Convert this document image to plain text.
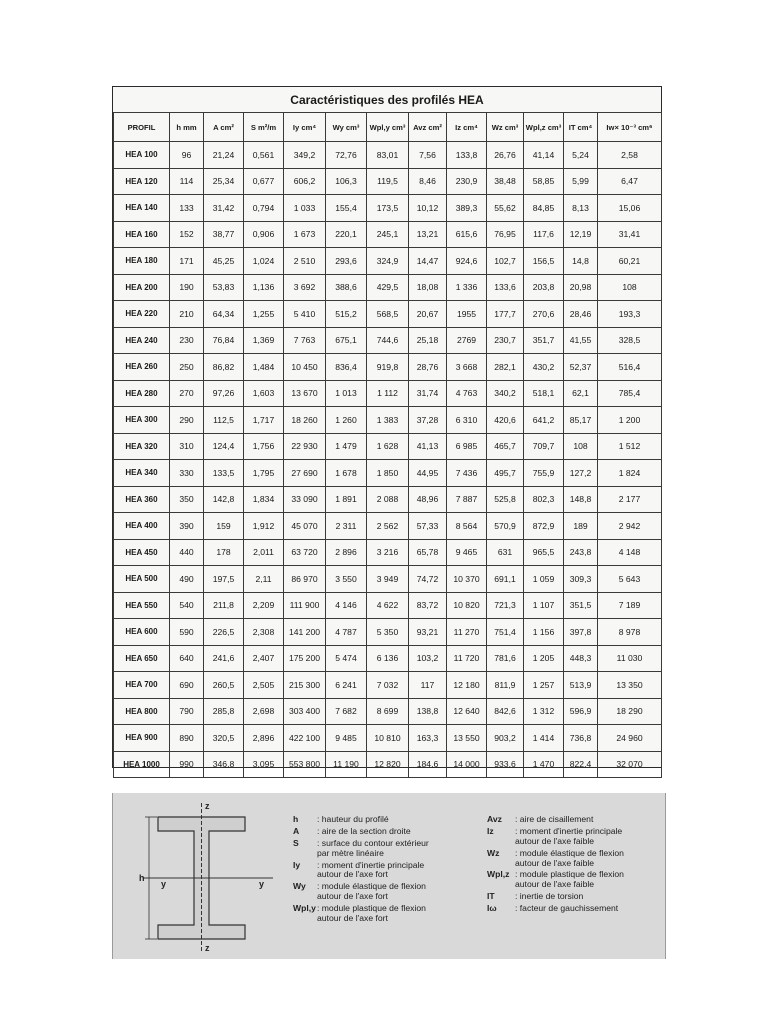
Caractéristiques des profilés HEA
PROFIL	h mm	A cm²	S m²/m	Iy cm⁴	Wy cm³	Wpl,y cm³	Avz cm²	Iz cm⁴	Wz cm³	Wpl,z cm³	IT cm⁴	Iw× 10⁻³ cm⁶
HEA 100	96	21,24	0,561	349,2	72,76	83,01	7,56	133,8	26,76	41,14	5,24	2,58
HEA 120	114	25,34	0,677	606,2	106,3	119,5	8,46	230,9	38,48	58,85	5,99	6,47
HEA 140	133	31,42	0,794	1 033	155,4	173,5	10,12	389,3	55,62	84,85	8,13	15,06
HEA 160	152	38,77	0,906	1 673	220,1	245,1	13,21	615,6	76,95	117,6	12,19	31,41
HEA 180	171	45,25	1,024	2 510	293,6	324,9	14,47	924,6	102,7	156,5	14,8	60,21
HEA 200	190	53,83	1,136	3 692	388,6	429,5	18,08	1 336	133,6	203,8	20,98	108
HEA 220	210	64,34	1,255	5 410	515,2	568,5	20,67	1955	177,7	270,6	28,46	193,3
HEA 240	230	76,84	1,369	7 763	675,1	744,6	25,18	2769	230,7	351,7	41,55	328,5
HEA 260	250	86,82	1,484	10 450	836,4	919,8	28,76	3 668	282,1	430,2	52,37	516,4
HEA 280	270	97,26	1,603	13 670	1 013	1 112	31,74	4 763	340,2	518,1	62,1	785,4
HEA 300	290	112,5	1,717	18 260	1 260	1 383	37,28	6 310	420,6	641,2	85,17	1 200
HEA 320	310	124,4	1,756	22 930	1 479	1 628	41,13	6 985	465,7	709,7	108	1 512
HEA 340	330	133,5	1,795	27 690	1 678	1 850	44,95	7 436	495,7	755,9	127,2	1 824
HEA 360	350	142,8	1,834	33 090	1 891	2 088	48,96	7 887	525,8	802,3	148,8	2 177
HEA 400	390	159	1,912	45 070	2 311	2 562	57,33	8 564	570,9	872,9	189	2 942
HEA 450	440	178	2,011	63 720	2 896	3 216	65,78	9 465	631	965,5	243,8	4 148
HEA 500	490	197,5	2,11	86 970	3 550	3 949	74,72	10 370	691,1	1 059	309,3	5 643
HEA 550	540	211,8	2,209	111 900	4 146	4 622	83,72	10 820	721,3	1 107	351,5	7 189
HEA 600	590	226,5	2,308	141 200	4 787	5 350	93,21	11 270	751,4	1 156	397,8	8 978
HEA 650	640	241,6	2,407	175 200	5 474	6 136	103,2	11 720	781,6	1 205	448,3	11 030
HEA 700	690	260,5	2,505	215 300	6 241	7 032	117	12 180	811,9	1 257	513,9	13 350
HEA 800	790	285,8	2,698	303 400	7 682	8 699	138,8	12 640	842,6	1 312	596,9	18 290
HEA 900	890	320,5	2,896	422 100	9 485	10 810	163,3	13 550	903,2	1 414	736,8	24 960
HEA 1000	990	346,8	3,095	553 800	11 190	12 820	184,6	14 000	933,6	1 470	822,4	32 070
z
z
y	y
h
h	: hauteur du profilé
A	: aire de la section droite
S	: surface du contour extérieur
par mètre linéaire
Iy	: moment d'inertie principale
autour de l'axe fort
Wy	: module élastique de flexion
autour de l'axe fort
Wpl,y : module plastique de flexion
autour de l'axe fort
Avz	: aire de cisaillement
Iz	: moment d'inertie principale
autour de l'axe faible
Wz	: module élastique de flexion
autour de l'axe faible
Wpl,z : module plastique de flexion
autour de l'axe faible
IT	: inertie de torsion
Iω	: facteur de gauchissement
